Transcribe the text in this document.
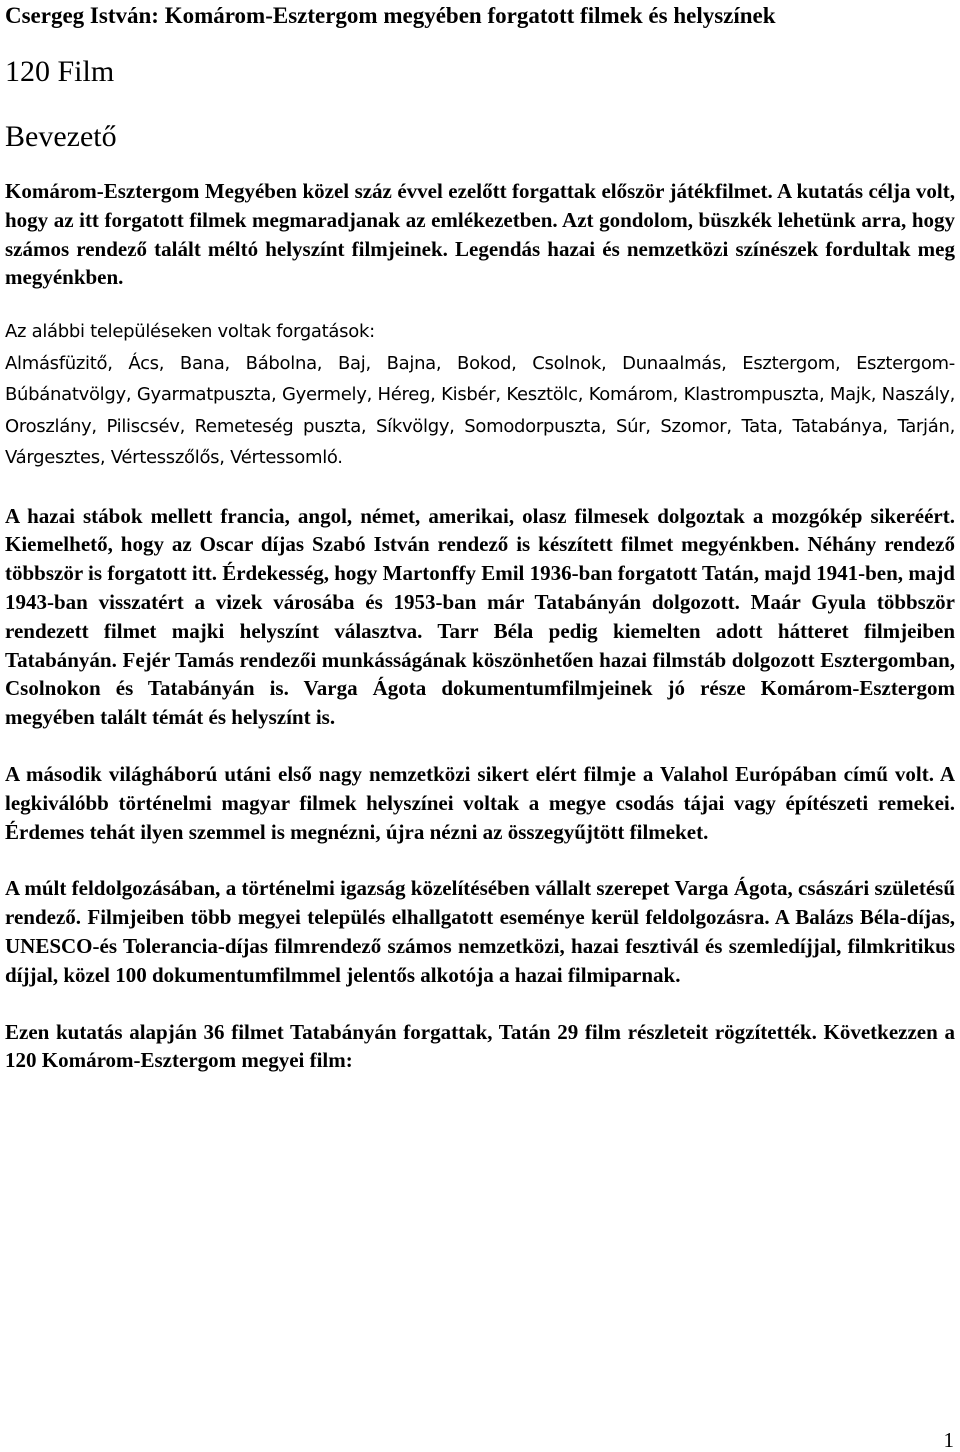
Csergeg István: Komárom-Esztergom megyében forgatott filmek és helyszínek
120 Film
Bevezető

Komárom-Esztergom Megyében közel száz évvel ezelőtt forgattak először játékfilmet. A kutatás célja volt, hogy az itt forgatott filmek megmaradjanak az emlékezetben. Azt gondolom, büszkék lehetünk arra, hogy számos rendező talált méltó helyszínt filmjeinek. Legendás hazai és nemzetközi színészek fordultak meg megyénkben.

Az alábbi településeken voltak forgatások:

Almásfüzitő, Ács, Bana, Bábolna, Baj, Bajna, Bokod, Csolnok, Dunaalmás, Esztergom, Esztergom-Búbánatvölgy, Gyarmatpuszta, Gyermely, Héreg, Kisbér, Kesztölc, Komárom, Klastrompuszta, Majk, Naszály, Oroszlány, Piliscsév, Remeteség puszta, Síkvölgy, Somodorpuszta, Súr, Szomor, Tata, Tatabánya, Tarján, Várgesztes, Vértesszőlős, Vértessomló.

A hazai stábok mellett francia, angol, német, amerikai, olasz filmesek dolgoztak a mozgókép sikeréért. Kiemelhető, hogy az Oscar díjas Szabó István rendező is készített filmet megyénkben. Néhány rendező többször is forgatott itt. Érdekesség, hogy Martonffy Emil 1936-ban forgatott Tatán, majd 1941-ben, majd 1943-ban visszatért a vizek városába és 1953-ban már Tatabányán dolgozott. Maár Gyula többször rendezett filmet majki helyszínt választva. Tarr Béla pedig kiemelten adott hátteret filmjeiben Tatabányán. Fejér Tamás rendezői munkásságának köszönhetően hazai filmstáb dolgozott Esztergomban, Csolnokon és Tatabányán is. Varga Ágota dokumentumfilmjeinek jó része Komárom-Esztergom megyében talált témát és helyszínt is.

A második világháború utáni első nagy nemzetközi sikert elért filmje a Valahol Európában című volt. A legkiválóbb történelmi magyar filmek helyszínei voltak a megye csodás tájai vagy építészeti remekei. Érdemes tehát ilyen szemmel is megnézni, újra nézni az összegyűjtött filmeket.

A múlt feldolgozásában, a történelmi igazság közelítésében vállalt szerepet Varga Ágota, császári születésű rendező. Filmjeiben több megyei település elhallgatott eseménye kerül feldolgozásra. A Balázs Béla-díjas, UNESCO-és Tolerancia-díjas filmrendező számos nemzetközi, hazai fesztivál és szemledíjjal, filmkritikus díjjal, közel 100 dokumentumfilmmel jelentős alkotója a hazai filmiparnak.

Ezen kutatás alapján 36 filmet Tatabányán forgattak, Tatán 29 film részleteit rögzítették. Következzen a 120 Komárom-Esztergom megyei film:

1
